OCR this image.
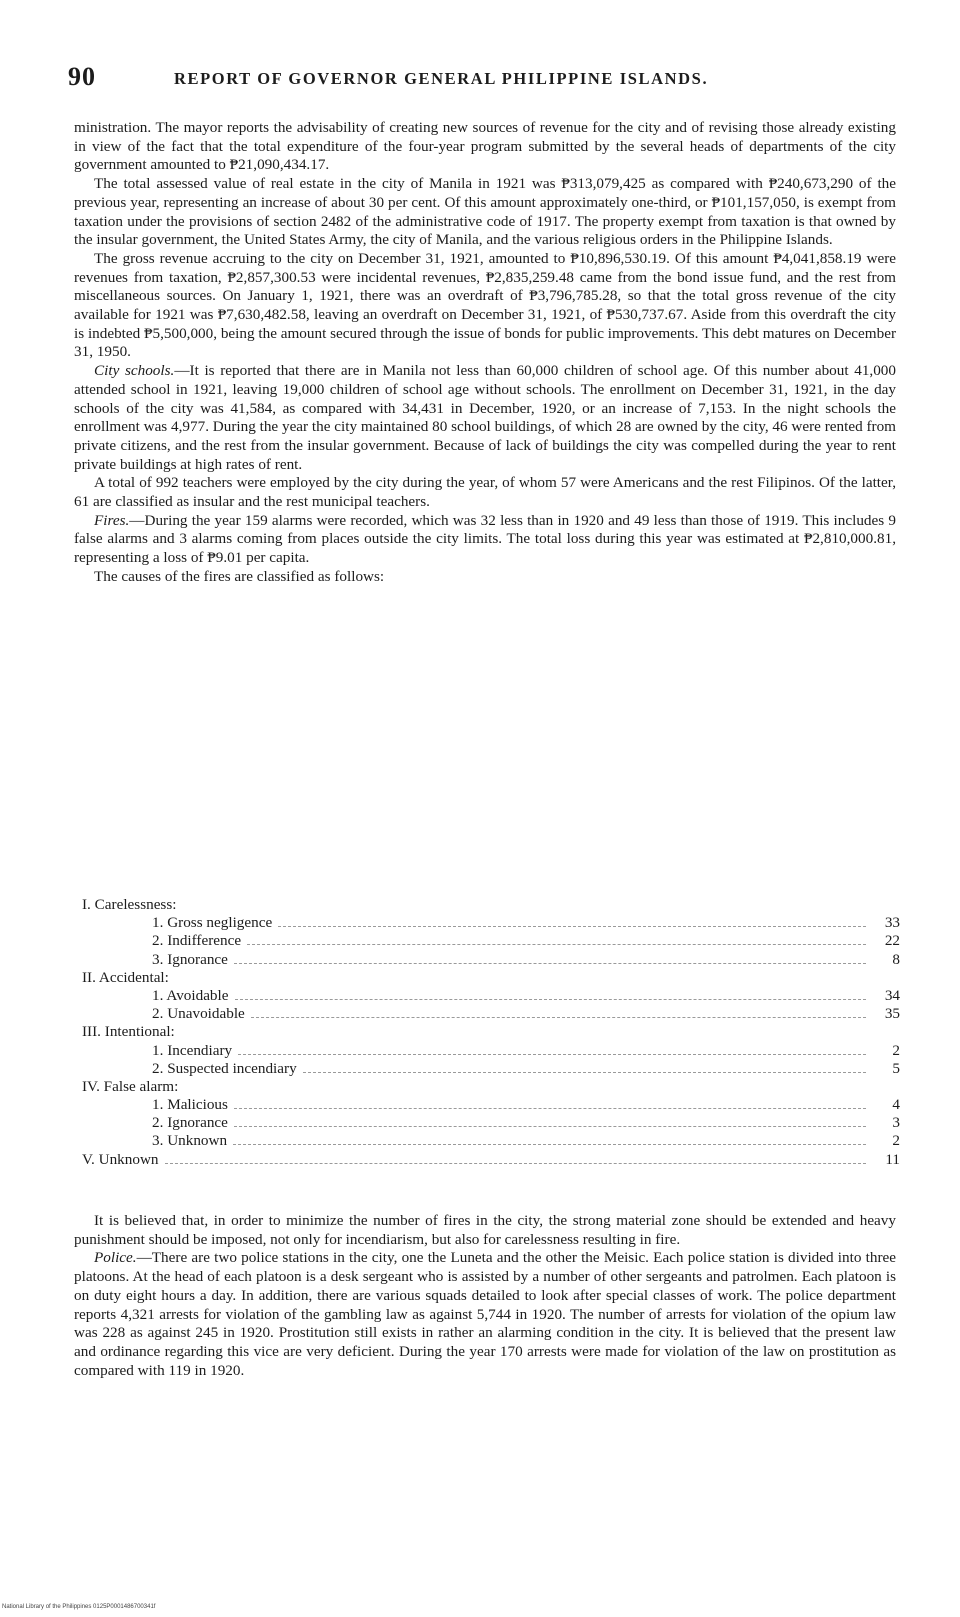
90	REPORT OF GOVERNOR GENERAL PHILIPPINE ISLANDS.

ministration. The mayor reports the advisability of creating new sources of revenue for the city and of revising those already existing in view of the fact that the total expenditure of the four-year program submitted by the several heads of departments of the city government amounted to ₱21,090,434.17.

The total assessed value of real estate in the city of Manila in 1921 was ₱313,079,425 as compared with ₱240,673,290 of the previous year, representing an increase of about 30 per cent. Of this amount approximately one-third, or ₱101,157,050, is exempt from taxation under the provisions of section 2482 of the administrative code of 1917. The property exempt from taxation is that owned by the insular government, the United States Army, the city of Manila, and the various religious orders in the Philippine Islands.

The gross revenue accruing to the city on December 31, 1921, amounted to ₱10,896,530.19. Of this amount ₱4,041,858.19 were revenues from taxation, ₱2,857,300.53 were incidental revenues, ₱2,835,259.48 came from the bond issue fund, and the rest from miscellaneous sources. On January 1, 1921, there was an overdraft of ₱3,796,785.28, so that the total gross revenue of the city available for 1921 was ₱7,630,482.58, leaving an overdraft on December 31, 1921, of ₱530,737.67. Aside from this overdraft the city is indebted ₱5,500,000, being the amount secured through the issue of bonds for public improvements. This debt matures on December 31, 1950.

City schools.—It is reported that there are in Manila not less than 60,000 children of school age. Of this number about 41,000 attended school in 1921, leaving 19,000 children of school age without schools. The enrollment on December 31, 1921, in the day schools of the city was 41,584, as compared with 34,431 in December, 1920, or an increase of 7,153. In the night schools the enrollment was 4,977. During the year the city maintained 80 school buildings, of which 28 are owned by the city, 46 were rented from private citizens, and the rest from the insular government. Because of lack of buildings the city was compelled during the year to rent private buildings at high rates of rent.

A total of 992 teachers were employed by the city during the year, of whom 57 were Americans and the rest Filipinos. Of the latter, 61 are classified as insular and the rest municipal teachers.

Fires.—During the year 159 alarms were recorded, which was 32 less than in 1920 and 49 less than those of 1919. This includes 9 false alarms and 3 alarms coming from places outside the city limits. The total loss during this year was estimated at ₱2,810,000.81, representing a loss of ₱9.01 per capita.

The causes of the fires are classified as follows:

I. Carelessness:
1. Gross negligence	33
2. Indifference	22
3. Ignorance	8
II. Accidental:
1. Avoidable	34
2. Unavoidable	35
III. Intentional:
1. Incendiary	2
2. Suspected incendiary	5
IV. False alarm:
1. Malicious	4
2. Ignorance	3
3. Unknown	2
V. Unknown	11

It is believed that, in order to minimize the number of fires in the city, the strong material zone should be extended and heavy punishment should be imposed, not only for incendiarism, but also for carelessness resulting in fire.

Police.—There are two police stations in the city, one the Luneta and the other the Meisic. Each police station is divided into three platoons. At the head of each platoon is a desk sergeant who is assisted by a number of other sergeants and patrolmen. Each platoon is on duty eight hours a day. In addition, there are various squads detailed to look after special classes of work. The police department reports 4,321 arrests for violation of the gambling law as against 5,744 in 1920. The number of arrests for violation of the opium law was 228 as against 245 in 1920. Prostitution still exists in rather an alarming condition in the city. It is believed that the present law and ordinance regarding this vice are very deficient. During the year 170 arrests were made for violation of the law on prostitution as compared with 119 in 1920.

National Library of the Philippines 0125P0001486700341f
